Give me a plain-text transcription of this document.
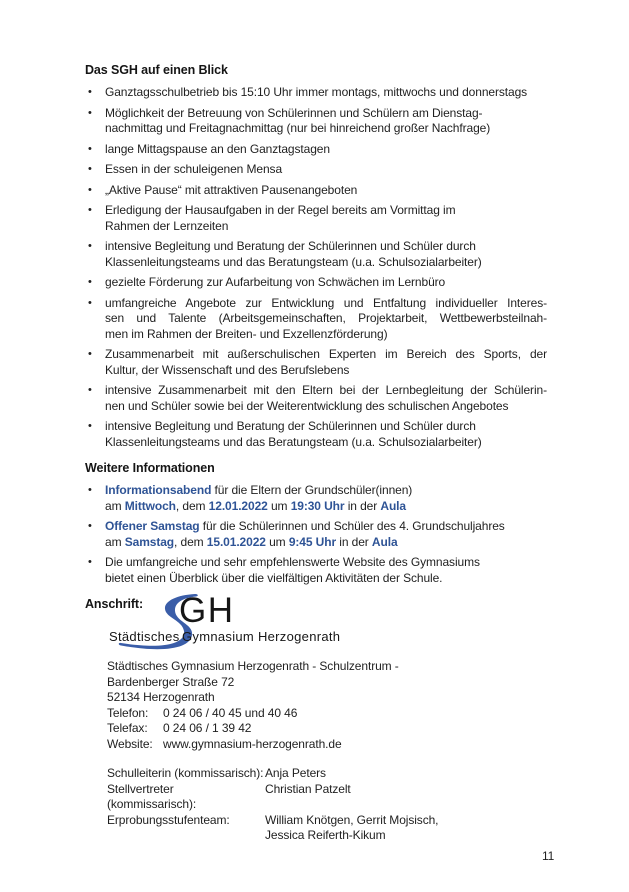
Das SGH auf einen Blick
•	Ganztagsschulbetrieb bis 15:10 Uhr immer montags, mittwochs und donnerstags
•	Möglichkeit der Betreuung von Schülerinnen und Schülern am Dienstag-
nachmittag und Freitagnachmittag (nur bei hinreichend großer Nachfrage)
•	lange Mittagspause an den Ganztagstagen
•	Essen in der schuleigenen Mensa
•	„Aktive Pause“ mit attraktiven Pausenangeboten
•	Erledigung der Hausaufgaben in der Regel bereits am Vormittag im
Rahmen der Lernzeiten
•	intensive Begleitung und Beratung der Schülerinnen und Schüler durch
Klassenleitungsteams und das Beratungsteam (u.a. Schulsozialarbeiter)
•	gezielte Förderung zur Aufarbeitung von Schwächen im Lernbüro
•	umfangreiche Angebote zur Entwicklung und Entfaltung individueller Interes-
sen und Talente (Arbeitsgemeinschaften, Projektarbeit, Wettbewerbsteilnah-
men im Rahmen der Breiten- und Exzellenzförderung)
•	Zusammenarbeit mit außerschulischen Experten im Bereich des Sports, der
Kultur, der Wissenschaft und des Berufslebens
•	intensive Zusammenarbeit mit den Eltern bei der Lernbegleitung der Schülerin-
nen und Schüler sowie bei der Weiterentwicklung des schulischen Angebotes
•	intensive Begleitung und Beratung der Schülerinnen und Schüler durch
Klassenleitungsteams und das Beratungsteam (u.a. Schulsozialarbeiter)
Weitere Informationen
•	Informationsabend für die Eltern der Grundschüler(innen)
am Mittwoch, dem 12.01.2022 um 19:30 Uhr in der Aula
•	Offener Samstag für die Schülerinnen und Schüler des 4. Grundschuljahres
am Samstag, dem 15.01.2022 um 9:45 Uhr in der Aula
•	Die umfangreiche und sehr empfehlenswerte Website des Gymnasiums
bietet einen Überblick über die vielfältigen Aktivitäten der Schule.
Anschrift: GH
Städtisches Gymnasium Herzogenrath
Städtisches Gymnasium Herzogenrath - Schulzentrum -
Bardenberger Straße 72
52134 Herzogenrath
Telefon:	0 24 06 / 40 45 und 40 46
Telefax:	0 24 06 / 1 39 42
Website: www.gymnasium-herzogenrath.de
Schulleiterin (kommissarisch): Anja Peters
Stellvertreter (kommissarisch):
Christian Patzelt
Erprobungsstufenteam:	William Knötgen, Gerrit Mojsisch,
Jessica Reiferth-Kikum
11
